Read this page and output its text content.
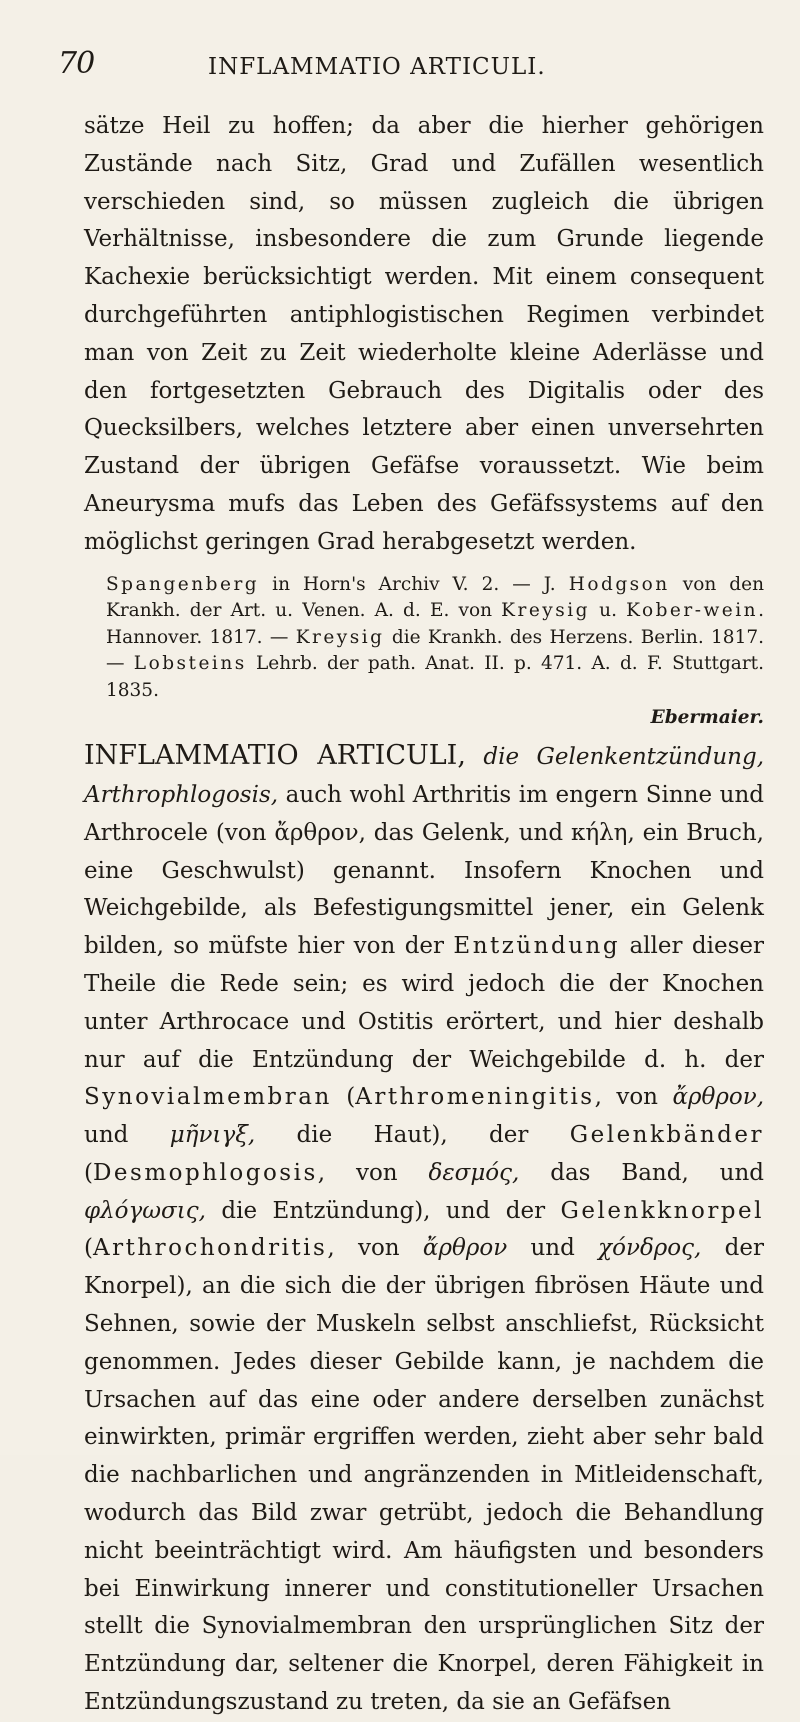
70	INFLAMMATIO ARTICULI.

sätze Heil zu hoffen; da aber die hierher gehörigen Zustände nach Sitz, Grad und Zufällen wesentlich verschieden sind, so müssen zugleich die übrigen Verhältnisse, insbesondere die zum Grunde liegende Kachexie berücksichtigt werden. Mit einem consequent durchgeführten antiphlogistischen Regimen verbindet man von Zeit zu Zeit wiederholte kleine Aderlässe und den fortgesetzten Gebrauch des Digitalis oder des Quecksilbers, welches letztere aber einen unversehrten Zustand der übrigen Gefäfse voraussetzt. Wie beim Aneurysma mufs das Leben des Gefäfssystems auf den möglichst geringen Grad herabgesetzt werden.

Spangenberg in Horn's Archiv V. 2. — J. Hodgson von den Krankh. der Art. u. Venen. A. d. E. von Kreysig u. Kober-wein. Hannover. 1817. — Kreysig die Krankh. des Herzens. Berlin. 1817. — Lobsteins Lehrb. der path. Anat. II. p. 471. A. d. F. Stuttgart. 1835.
Ebermaier.

INFLAMMATIO ARTICULI, die Gelenkentzündung, Arthrophlogosis, auch wohl Arthritis im engern Sinne und Arthrocele (von ἄρθρον, das Gelenk, und κήλη, ein Bruch, eine Geschwulst) genannt. Insofern Knochen und Weichgebilde, als Befestigungsmittel jener, ein Gelenk bilden, so müfste hier von der Entzündung aller dieser Theile die Rede sein; es wird jedoch die der Knochen unter Arthrocace und Ostitis erörtert, und hier deshalb nur auf die Entzündung der Weichgebilde d. h. der Synovialmembran (Arthromeningitis, von ἄρθρον, und μῆνιγξ, die Haut), der Gelenkbänder (Desmophlogosis, von δεσμός, das Band, und φλόγωσις, die Entzündung), und der Gelenkknorpel (Arthrochondritis, von ἄρθρον und χόνδρος, der Knorpel), an die sich die der übrigen fibrösen Häute und Sehnen, sowie der Muskeln selbst anschliefst, Rücksicht genommen. Jedes dieser Gebilde kann, je nachdem die Ursachen auf das eine oder andere derselben zunächst einwirkten, primär ergriffen werden, zieht aber sehr bald die nachbarlichen und angränzenden in Mitleidenschaft, wodurch das Bild zwar getrübt, jedoch die Behandlung nicht beeinträchtigt wird. Am häufigsten und besonders bei Einwirkung innerer und constitutioneller Ursachen stellt die Synovialmembran den ursprünglichen Sitz der Entzündung dar, seltener die Knorpel, deren Fähigkeit in Entzündungszustand zu treten, da sie an Gefäfsen
